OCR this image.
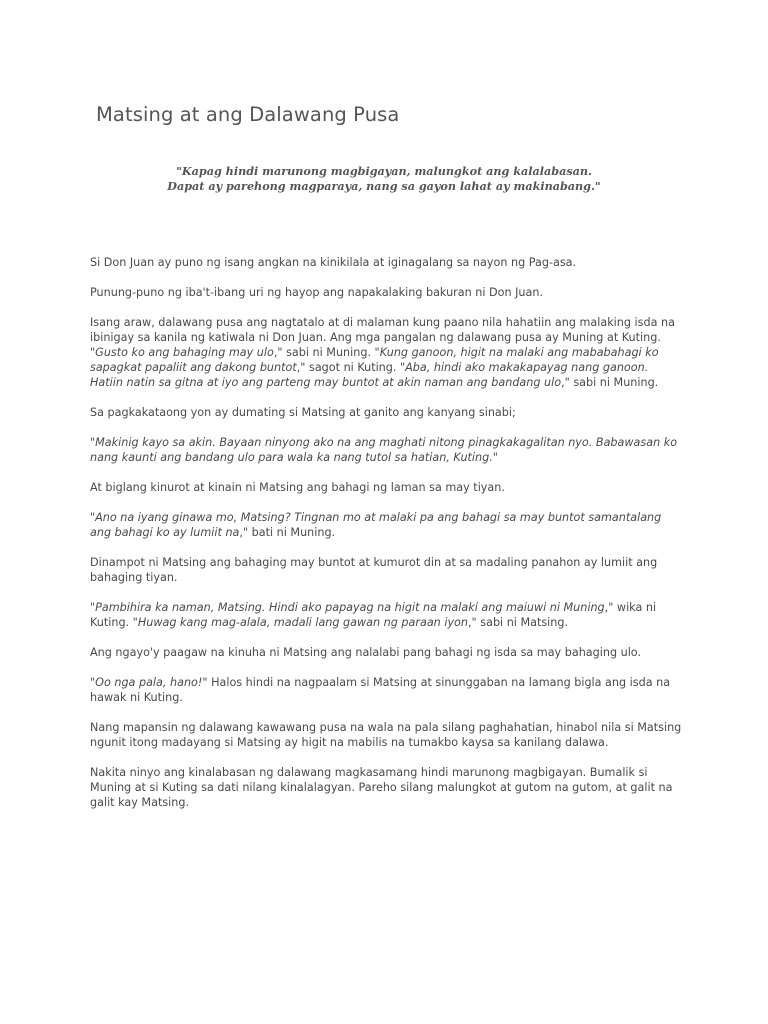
Matsing at ang Dalawang Pusa
"Kapag hindi marunong magbigayan, malungkot ang kalalabasan.
Dapat ay parehong magparaya, nang sa gayon lahat ay makinabang."

Si Don Juan ay puno ng isang angkan na kinikilala at iginagalang sa nayon ng Pag-asa.

Punung-puno ng iba't-ibang uri ng hayop ang napakalaking bakuran ni Don Juan.

Isang araw, dalawang pusa ang nagtatalo at di malaman kung paano nila hahatiin ang malaking isda na
ibinigay sa kanila ng katiwala ni Don Juan. Ang mga pangalan ng dalawang pusa ay Muning at Kuting.
"Gusto ko ang bahaging may ulo," sabi ni Muning. "Kung ganoon, higit na malaki ang mababahagi ko
sapagkat papaliit ang dakong buntot," sagot ni Kuting. "Aba, hindi ako makakapayag nang ganoon.
Hatiin natin sa gitna at iyo ang parteng may buntot at akin naman ang bandang ulo," sabi ni Muning.

Sa pagkakataong yon ay dumating si Matsing at ganito ang kanyang sinabi;

"Makinig kayo sa akin. Bayaan ninyong ako na ang maghati nitong pinagkakagalitan nyo. Babawasan ko
nang kaunti ang bandang ulo para wala ka nang tutol sa hatian, Kuting."

At biglang kinurot at kinain ni Matsing ang bahagi ng laman sa may tiyan.

"Ano na iyang ginawa mo, Matsing? Tingnan mo at malaki pa ang bahagi sa may buntot samantalang
ang bahagi ko ay lumiit na," bati ni Muning.

Dinampot ni Matsing ang bahaging may buntot at kumurot din at sa madaling panahon ay lumiit ang
bahaging tiyan.

"Pambihira ka naman, Matsing. Hindi ako papayag na higit na malaki ang maiuwi ni Muning," wika ni
Kuting. "Huwag kang mag-alala, madali lang gawan ng paraan iyon," sabi ni Matsing.

Ang ngayo'y paagaw na kinuha ni Matsing ang nalalabi pang bahagi ng isda sa may bahaging ulo.

"Oo nga pala, hano!" Halos hindi na nagpaalam si Matsing at sinunggaban na lamang bigla ang isda na
hawak ni Kuting.

Nang mapansin ng dalawang kawawang pusa na wala na pala silang paghahatian, hinabol nila si Matsing
ngunit itong madayang si Matsing ay higit na mabilis na tumakbo kaysa sa kanilang dalawa.

Nakita ninyo ang kinalabasan ng dalawang magkasamang hindi marunong magbigayan. Bumalik si
Muning at si Kuting sa dati nilang kinalalagyan. Pareho silang malungkot at gutom na gutom, at galit na
galit kay Matsing.
